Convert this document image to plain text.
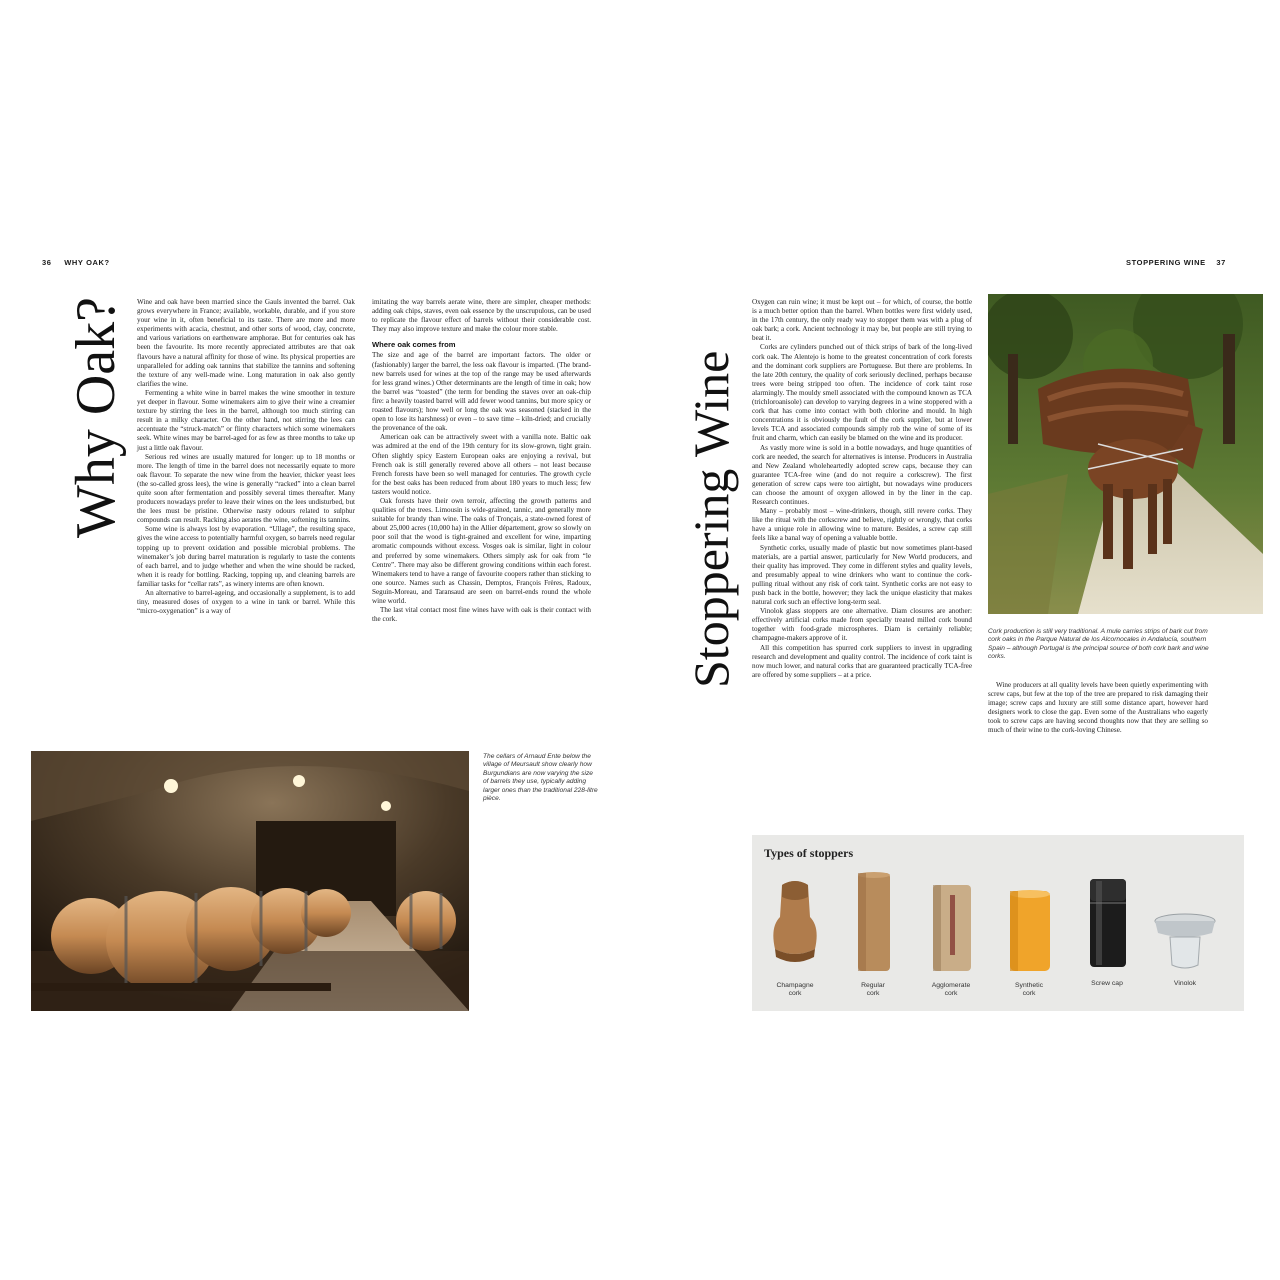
36 WHY OAK?
Why Oak? Wine and oak have been married since the Gauls invented the barrel. Oak grows everywhere in France; available, workable, durable, and if you store your wine in it, often beneficial to its taste. There are more and more experiments with acacia, chestnut, and other sorts of wood, clay, concrete, and various variations on earthenware amphorae. But for centuries oak has been the favourite. Its more recently appreciated attributes are that oak flavours have a natural affinity for those of wine. Its physical properties are unparalleled for adding oak tannins that stabilize the tannins and softening the texture of any well-made wine. Long maturation in oak also gently clarifies the wine.

Fermenting a white wine in barrel makes the wine smoother in texture yet deeper in flavour. Some winemakers aim to give their wine a creamier texture by stirring the lees in the barrel, although too much stirring can result in a milky character. On the other hand, not stirring the lees can accentuate the “struck-match” or flinty characters which some winemakers seek. White wines may be barrel-aged for as few as three months to take up just a little oak flavour.

Serious red wines are usually matured for longer: up to 18 months or more. The length of time in the barrel does not necessarily equate to more oak flavour. To separate the new wine from the heavier, thicker yeast lees (the so-called gross lees), the wine is generally “racked” into a clean barrel quite soon after fermentation and possibly several times thereafter. Many producers nowadays prefer to leave their wines on the lees undisturbed, but the lees must be pristine. Otherwise nasty odours related to sulphur compounds can result. Racking also aerates the wine, softening its tannins.

Some wine is always lost by evaporation. “Ullage”, the resulting space, gives the wine access to potentially harmful oxygen, so barrels need regular topping up to prevent oxidation and possible microbial problems. The winemaker’s job during barrel maturation is regularly to taste the contents of each barrel, and to judge whether and when the wine should be racked, when it is ready for bottling. Racking, topping up, and cleaning barrels are familiar tasks for “cellar rats”, as winery interns are often known.

An alternative to barrel-ageing, and occasionally a supplement, is to add tiny, measured doses of oxygen to a wine in tank or barrel. While this “micro-oxygenation” is a way of

imitating the way barrels aerate wine, there are simpler, cheaper methods: adding oak chips, staves, even oak essence by the unscrupulous, can be used to replicate the flavour effect of barrels without their considerable cost. They may also improve texture and make the colour more stable.

Where oak comes from

The size and age of the barrel are important factors. The older or (fashionably) larger the barrel, the less oak flavour is imparted. (The brand-new barrels used for wines at the top of the range may be used afterwards for less grand wines.) Other determinants are the length of time in oak; how the barrel was “toasted” (the term for bending the staves over an oak-chip fire: a heavily toasted barrel will add fewer wood tannins, but more spicy or roasted flavours); how well or long the oak was seasoned (stacked in the open to lose its harshness) or even – to save time – kiln-dried; and crucially the provenance of the oak.

American oak can be attractively sweet with a vanilla note. Baltic oak was admired at the end of the 19th century for its slow-grown, tight grain. Often slightly spicy Eastern European oaks are enjoying a revival, but French oak is still generally revered above all others – not least because French forests have been so well managed for centuries. The growth cycle for the best oaks has been reduced from about 180 years to much less; few tasters would notice.

Oak forests have their own terroir, affecting the growth patterns and qualities of the trees. Limousin is wide-grained, tannic, and generally more suitable for brandy than wine. The oaks of Tronçais, a state-owned forest of about 25,000 acres (10,000 ha) in the Allier département, grow so slowly on poor soil that the wood is tight-grained and excellent for wine, imparting aromatic compounds without excess. Vosges oak is similar, light in colour and preferred by some winemakers. Others simply ask for oak from “le Centre”. There may also be different growing conditions within each forest. Winemakers tend to have a range of favourite coopers rather than sticking to one source. Names such as Chassin, Demptos, François Frères, Radoux, Seguin-Moreau, and Taransaud are seen on barrel-ends round the whole wine world.

The last vital contact most fine wines have with oak is their contact with the cork.

The cellars of Arnaud Ente below the village of Meursault show clearly how Burgundians are now varying the size of barrels they use, typically adding larger ones than the traditional 228-litre pièce.
STOPPERING WINE 37
Stoppering Wine

Oxygen can ruin wine; it must be kept out – for which, of course, the bottle is a much better option than the barrel. When bottles were first widely used, in the 17th century, the only ready way to stopper them was with a plug of oak bark; a cork. Ancient technology it may be, but people are still trying to beat it.

Corks are cylinders punched out of thick strips of bark of the long-lived cork oak. The Alentejo is home to the greatest concentration of cork forests and the dominant cork suppliers are Portuguese. But there are problems. In the late 20th century, the quality of cork seriously declined, perhaps because trees were being stripped too often. The incidence of cork taint rose alarmingly. The mouldy smell associated with the compound known as TCA (trichloroanisole) can develop to varying degrees in a wine stoppered with a cork that has come into contact with both chlorine and mould. In high concentrations it is obviously the fault of the cork supplier, but at lower levels TCA and associated compounds simply rob the wine of some of its fruit and charm, which can easily be blamed on the wine and its producer.

As vastly more wine is sold in a bottle nowadays, and huge quantities of cork are needed, the search for alternatives is intense. Producers in Australia and New Zealand wholeheartedly adopted screw caps, because they can guarantee TCA-free wine (and do not require a corkscrew). The first generation of screw caps were too airtight, but nowadays wine producers can choose the amount of oxygen allowed in by the liner in the cap. Research continues.

Many – probably most – wine-drinkers, though, still revere corks. They like the ritual with the corkscrew and believe, rightly or wrongly, that corks have a unique role in allowing wine to mature. Besides, a screw cap still feels like a banal way of opening a valuable bottle.

Synthetic corks, usually made of plastic but now sometimes plant-based materials, are a partial answer, particularly for New World producers, and their quality has improved. They come in different styles and quality levels, and presumably appeal to wine drinkers who want to continue the cork-pulling ritual without any risk of cork taint. Synthetic corks are not easy to push back in the bottle, however; they lack the unique elasticity that makes natural cork such an effective long-term seal.

Vinolok glass stoppers are one alternative. Diam closures are another: effectively artificial corks made from specially treated milled cork bound together with food-grade microspheres. Diam is certainly reliable; champagne-makers approve of it.

All this competition has spurred cork suppliers to invest in upgrading research and development and quality control. The incidence of cork taint is now much lower, and natural corks that are guaranteed practically TCA-free are offered by some suppliers – at a price.

Cork production is still very traditional. A mule carries strips of bark cut from cork oaks in the Parque Natural de los Alcornocales in Andalucía, southern Spain – although Portugal is the principal source of both cork bark and wine corks.

Wine producers at all quality levels have been quietly experimenting with screw caps, but few at the top of the tree are prepared to risk damaging their image; screw caps and luxury are still some distance apart, however hard designers work to close the gap. Even some of the Australians who eagerly took to screw caps are having second thoughts now that they are selling so much of their wine to the cork-loving Chinese.

Types of stoppers
Champagne
cork
Regular
cork
Agglomerate
cork
Synthetic
cork
Screw cap	Vinolok
